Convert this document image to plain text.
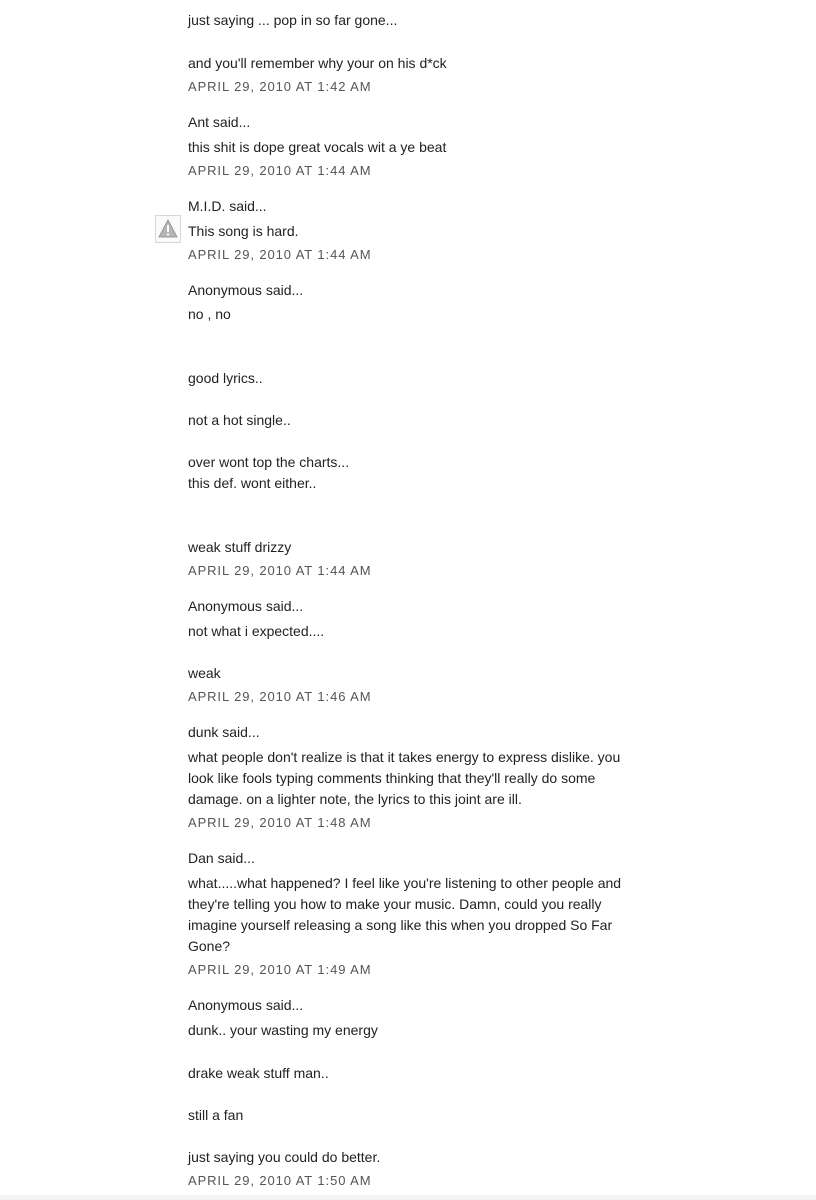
just saying ... pop in so far gone...
and you'll remember why your on his d*ck
APRIL 29, 2010 AT 1:42 AM
Ant said...
this shit is dope great vocals wit a ye beat
APRIL 29, 2010 AT 1:44 AM
M.I.D. said...
This song is hard.
APRIL 29, 2010 AT 1:44 AM
Anonymous said...
no , no
good lyrics..
not a hot single..
over wont top the charts...
this def. wont either..
weak stuff drizzy
APRIL 29, 2010 AT 1:44 AM
Anonymous said...
not what i expected....
weak
APRIL 29, 2010 AT 1:46 AM
dunk said...
what people don't realize is that it takes energy to express dislike. you look like fools typing comments thinking that they'll really do some damage. on a lighter note, the lyrics to this joint are ill.
APRIL 29, 2010 AT 1:48 AM
Dan said...
what.....what happened? I feel like you're listening to other people and they're telling you how to make your music. Damn, could you really imagine yourself releasing a song like this when you dropped So Far Gone?
APRIL 29, 2010 AT 1:49 AM
Anonymous said...
dunk.. your wasting my energy
drake weak stuff man..
still a fan
just saying you could do better.
APRIL 29, 2010 AT 1:50 AM
